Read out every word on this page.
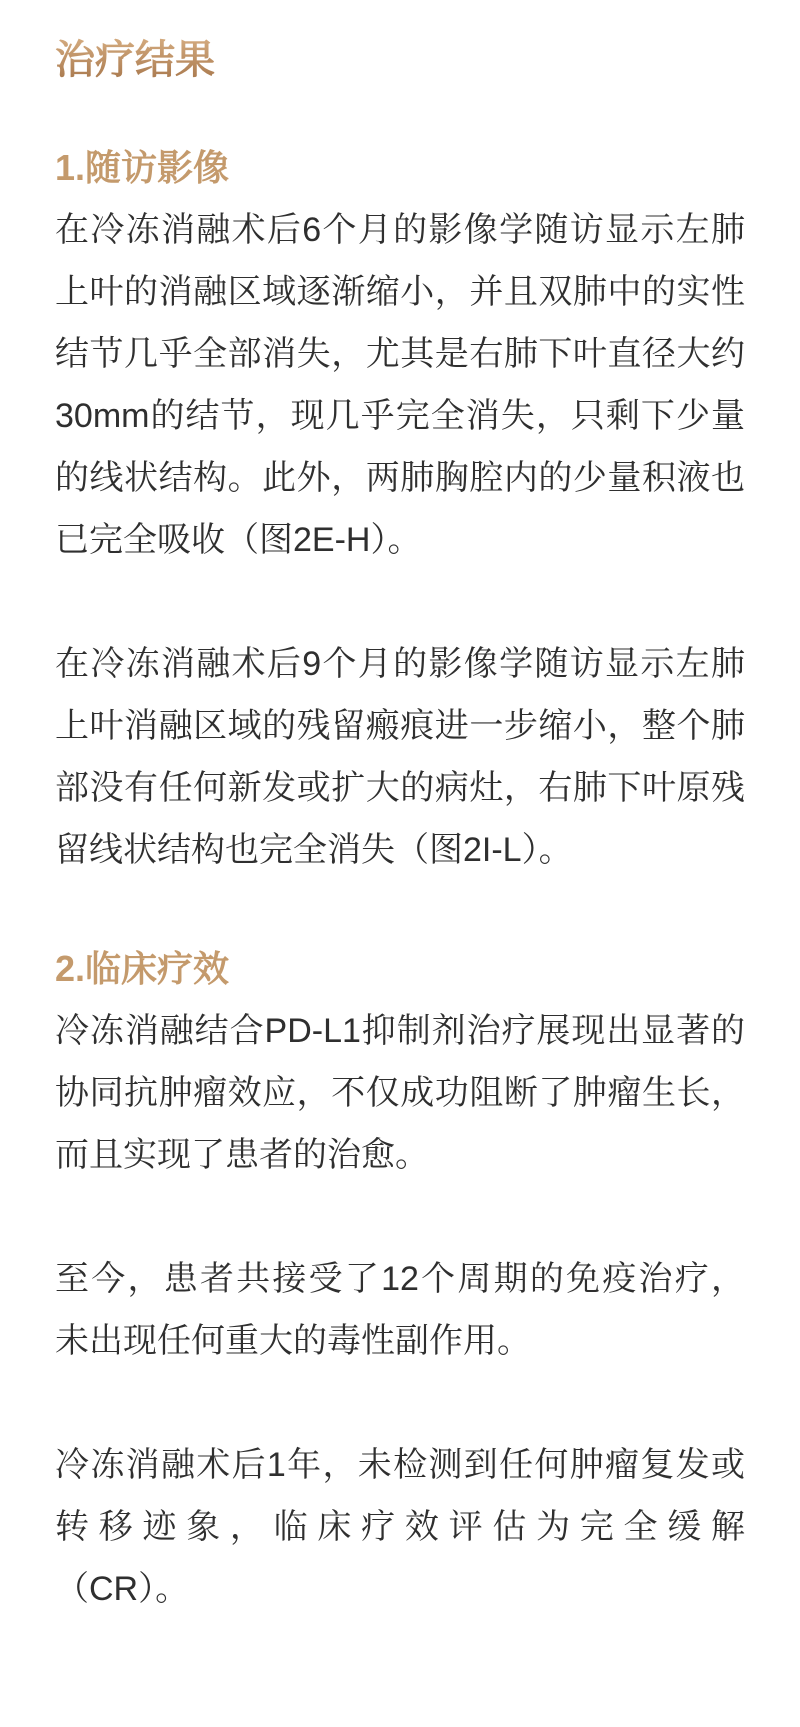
治疗结果
1.随访影像
在冷冻消融术后6个月的影像学随访显示左肺
上叶的消融区域逐渐缩小，并且双肺中的实性
结节几乎全部消失，尤其是右肺下叶直径大约
30mm的结节，现几乎完全消失，只剩下少量
的线状结构。此外，两肺胸腔内的少量积液也
已完全吸收（图2E-H）。
在冷冻消融术后9个月的影像学随访显示左肺
上叶消融区域的残留瘢痕进一步缩小，整个肺
部没有任何新发或扩大的病灶，右肺下叶原残
留线状结构也完全消失（图2I-L）。
2.临床疗效
冷冻消融结合PD-L1抑制剂治疗展现出显著的
协同抗肿瘤效应，不仅成功阻断了肿瘤生长，
而且实现了患者的治愈。
至今，患者共接受了12个周期的免疫治疗，
未出现任何重大的毒性副作用。
冷冻消融术后1年，未检测到任何肿瘤复发或
转移迹象，临床疗效评估为完全缓解
（CR）。
